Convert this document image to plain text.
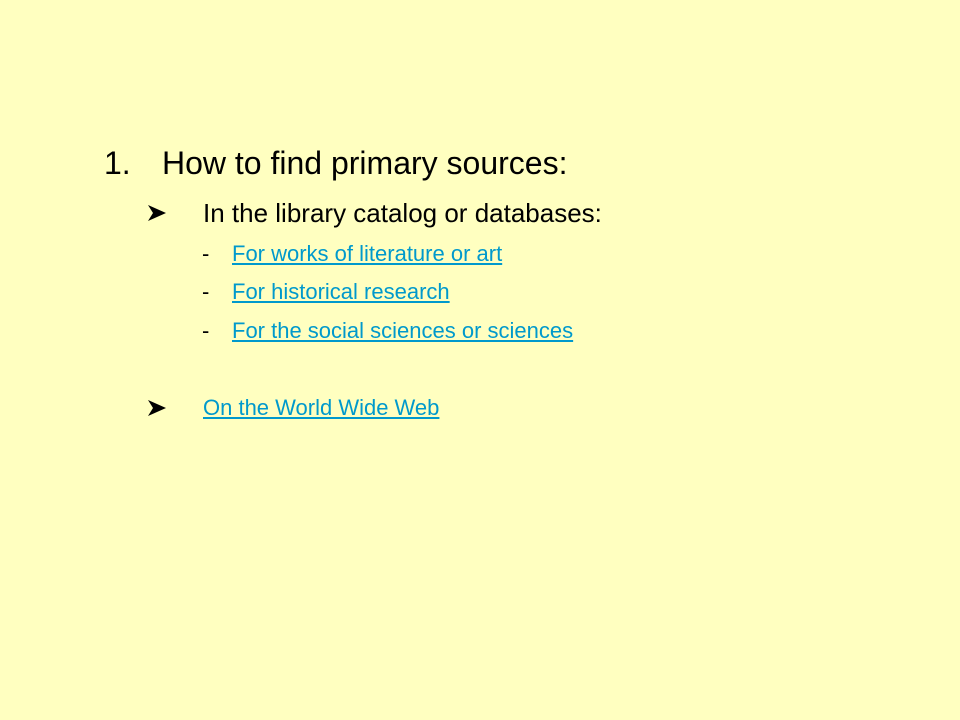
1. How to find primary sources:
In the library catalog or databases:
- For works of literature or art
- For historical research
- For the social sciences or sciences
On the World Wide Web
